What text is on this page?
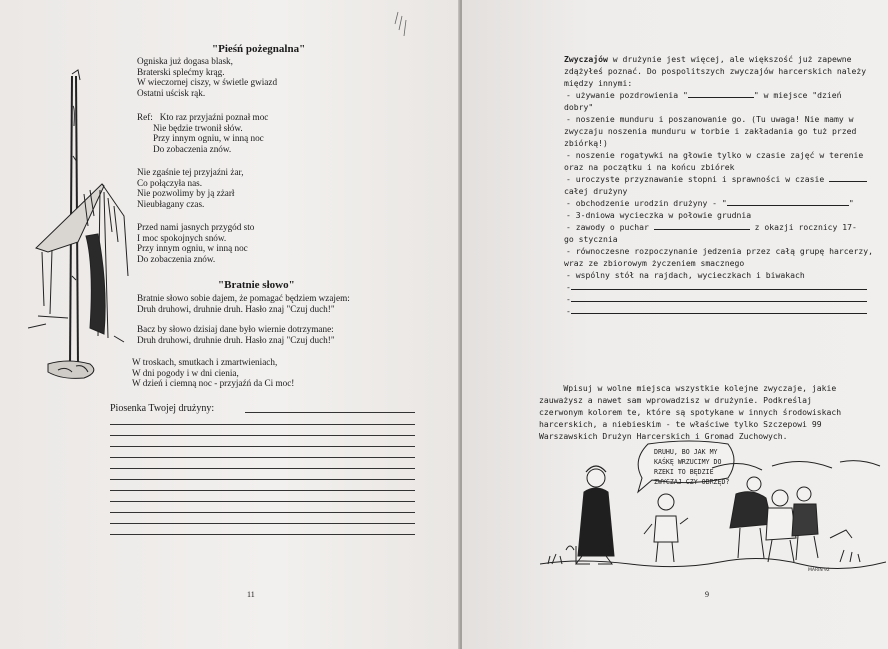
"Pieśń pożegnalna"
Ogniska już dogasa blask,
Braterski splećmy krąg.
W wieczornej ciszy, w świetle gwiazd
Ostatni uścisk rąk.
Ref:   Kto raz przyjaźni poznał moc
Nie będzie trwonił słów.
Przy innym ogniu, w inną noc
Do zobaczenia znów.
Nie zgaśnie tej przyjaźni żar,
Co połączyła nas.
Nie pozwolimy by ją zżarł
Nieubłagany czas.
Przed nami jasnych przygód sto
I moc spokojnych snów.
Przy innym ogniu, w inną noc
Do zobaczenia znów.
"Bratnie słowo"
Bratnie słowo sobie dajem, że pomagać będziem wzajem:
Druh druhowi, druhnie druh. Hasło znaj "Czuj duch!"
Bacz by słowo dzisiaj dane było wiernie dotrzymane:
Druh druhowi, druhnie druh. Hasło znaj "Czuj duch!"
W troskach, smutkach i zmartwieniach,
W dni pogody i w dni cienia,
W dzień i ciemną noc - przyjaźń da Ci moc!
Piosenka Twojej drużyny:
11
Zwyczajów w drużynie jest więcej, ale większość już zapewne
zdążyłeś poznać. Do pospolitszych zwyczajów harcerskich należy
między innymi:
- używanie pozdrowienia "	" w miejsce "dzień
dobry"
- noszenie munduru i poszanowanie go. (Tu uwaga! Nie mamy w
zwyczaju noszenia munduru w torbie i zakładania go tuż przed
zbiórką!)
- noszenie rogatywki na głowie tylko w czasie zajęć w terenie
oraz na początku i na końcu zbiórek
- uroczyste przyznawanie stopni i sprawności w czasie
całej drużyny
- obchodzenie urodzin drużyny - "	"
- 3-dniowa wycieczka w połowie grudnia
- zawody o puchar	z okazji rocznicy 17-
go stycznia
- równoczesne rozpoczynanie jedzenia przez całą grupę harcerzy,
wraz ze zbiorowym życzeniem smacznego
- wspólny stół na rajdach, wycieczkach i biwakach
-
-
-
Wpisuj w wolne miejsca wszystkie kolejne zwyczaje, jakie
zauważysz a nawet sam wprowadzisz w drużynie. Podkreślaj
czerwonym kolorem te, które są spotykane w innych środowiskach
harcerskich, a niebieskim - te właściwe tylko Szczepowi 99
Warszawskich Drużyn Harcerskich i Gromad Zuchowych.
DRUHU, BO JAK MY
KAŚKĘ WRZUCIMY DO
RZEKI TO BĘDZIE
ZWYCZAJ CZY OBRZĘD?
MARIN'92
9
